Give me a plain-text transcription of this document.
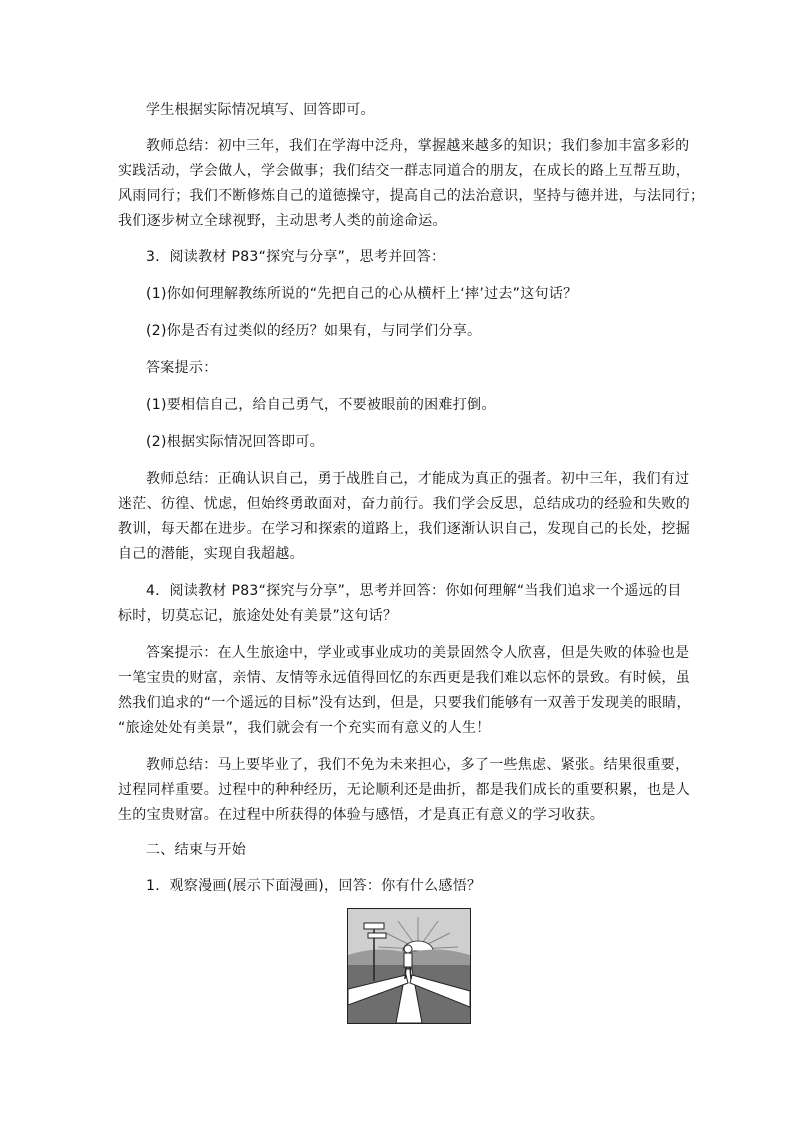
学生根据实际情况填写、回答即可。
教师总结：初中三年，我们在学海中泛舟，掌握越来越多的知识；我们参加丰富多彩的
实践活动，学会做人，学会做事；我们结交一群志同道合的朋友，在成长的路上互帮互助，
风雨同行；我们不断修炼自己的道德操守，提高自己的法治意识，坚持与德并进，与法同行；
我们逐步树立全球视野，主动思考人类的前途命运。
3．阅读教材 P83“探究与分享”，思考并回答：
(1)你如何理解教练所说的“先把自己的心从横杆上‘摔’过去”这句话？
(2)你是否有过类似的经历？如果有，与同学们分享。
答案提示：
(1)要相信自己，给自己勇气，不要被眼前的困难打倒。
(2)根据实际情况回答即可。
教师总结：正确认识自己，勇于战胜自己，才能成为真正的强者。初中三年，我们有过
迷茫、彷徨、忧虑，但始终勇敢面对，奋力前行。我们学会反思，总结成功的经验和失败的
教训，每天都在进步。在学习和探索的道路上，我们逐渐认识自己，发现自己的长处，挖掘
自己的潜能，实现自我超越。
4．阅读教材 P83“探究与分享”，思考并回答：你如何理解“当我们追求一个遥远的目
标时，切莫忘记，旅途处处有美景”这句话？
答案提示：在人生旅途中，学业或事业成功的美景固然令人欣喜，但是失败的体验也是
一笔宝贵的财富，亲情、友情等永远值得回忆的东西更是我们难以忘怀的景致。有时候，虽
然我们追求的“一个遥远的目标”没有达到，但是，只要我们能够有一双善于发现美的眼睛，
“旅途处处有美景”，我们就会有一个充实而有意义的人生！
教师总结：马上要毕业了，我们不免为未来担心，多了一些焦虑、紧张。结果很重要，
过程同样重要。过程中的种种经历，无论顺利还是曲折，都是我们成长的重要积累，也是人
生的宝贵财富。在过程中所获得的体验与感悟，才是真正有意义的学习收获。
二、结束与开始
1．观察漫画(展示下面漫画)，回答：你有什么感悟？
